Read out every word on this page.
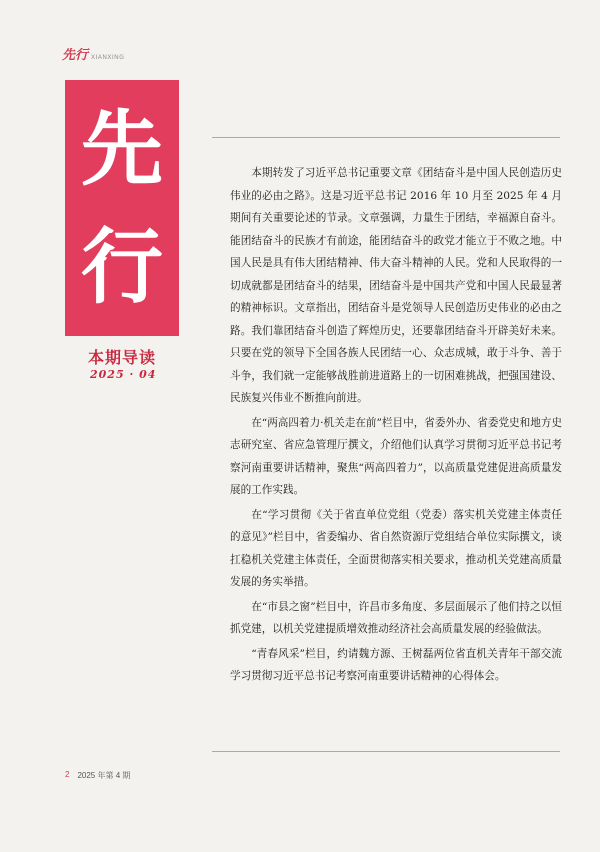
先行 XIANXING
先
行
本期导读
2025 · 04

本期转发了习近平总书记重要文章《团结奋斗是中国人民创造历史伟业的必由之路》。这是习近平总书记 2016 年 10 月至 2025 年 4 月期间有关重要论述的节录。文章强调，力量生于团结，幸福源自奋斗。能团结奋斗的民族才有前途，能团结奋斗的政党才能立于不败之地。中国人民是具有伟大团结精神、伟大奋斗精神的人民。党和人民取得的一切成就都是团结奋斗的结果，团结奋斗是中国共产党和中国人民最显著的精神标识。文章指出，团结奋斗是党领导人民创造历史伟业的必由之路。我们靠团结奋斗创造了辉煌历史，还要靠团结奋斗开辟美好未来。只要在党的领导下全国各族人民团结一心、众志成城，敢于斗争、善于斗争，我们就一定能够战胜前进道路上的一切困难挑战，把强国建设、民族复兴伟业不断推向前进。

在“两高四着力·机关走在前”栏目中，省委外办、省委党史和地方史志研究室、省应急管理厅撰文，介绍他们认真学习贯彻习近平总书记考察河南重要讲话精神，聚焦“两高四着力”，以高质量党建促进高质量发展的工作实践。

在“学习贯彻《关于省直单位党组（党委）落实机关党建主体责任的意见》”栏目中，省委编办、省自然资源厅党组结合单位实际撰文，谈扛稳机关党建主体责任，全面贯彻落实相关要求，推动机关党建高质量发展的务实举措。

在“市县之窗”栏目中，许昌市多角度、多层面展示了他们持之以恒抓党建，以机关党建提质增效推动经济社会高质量发展的经验做法。

“青春风采”栏目，约请魏方源、王树磊两位省直机关青年干部交流学习贯彻习近平总书记考察河南重要讲话精神的心得体会。

2 2025 年第 4 期
